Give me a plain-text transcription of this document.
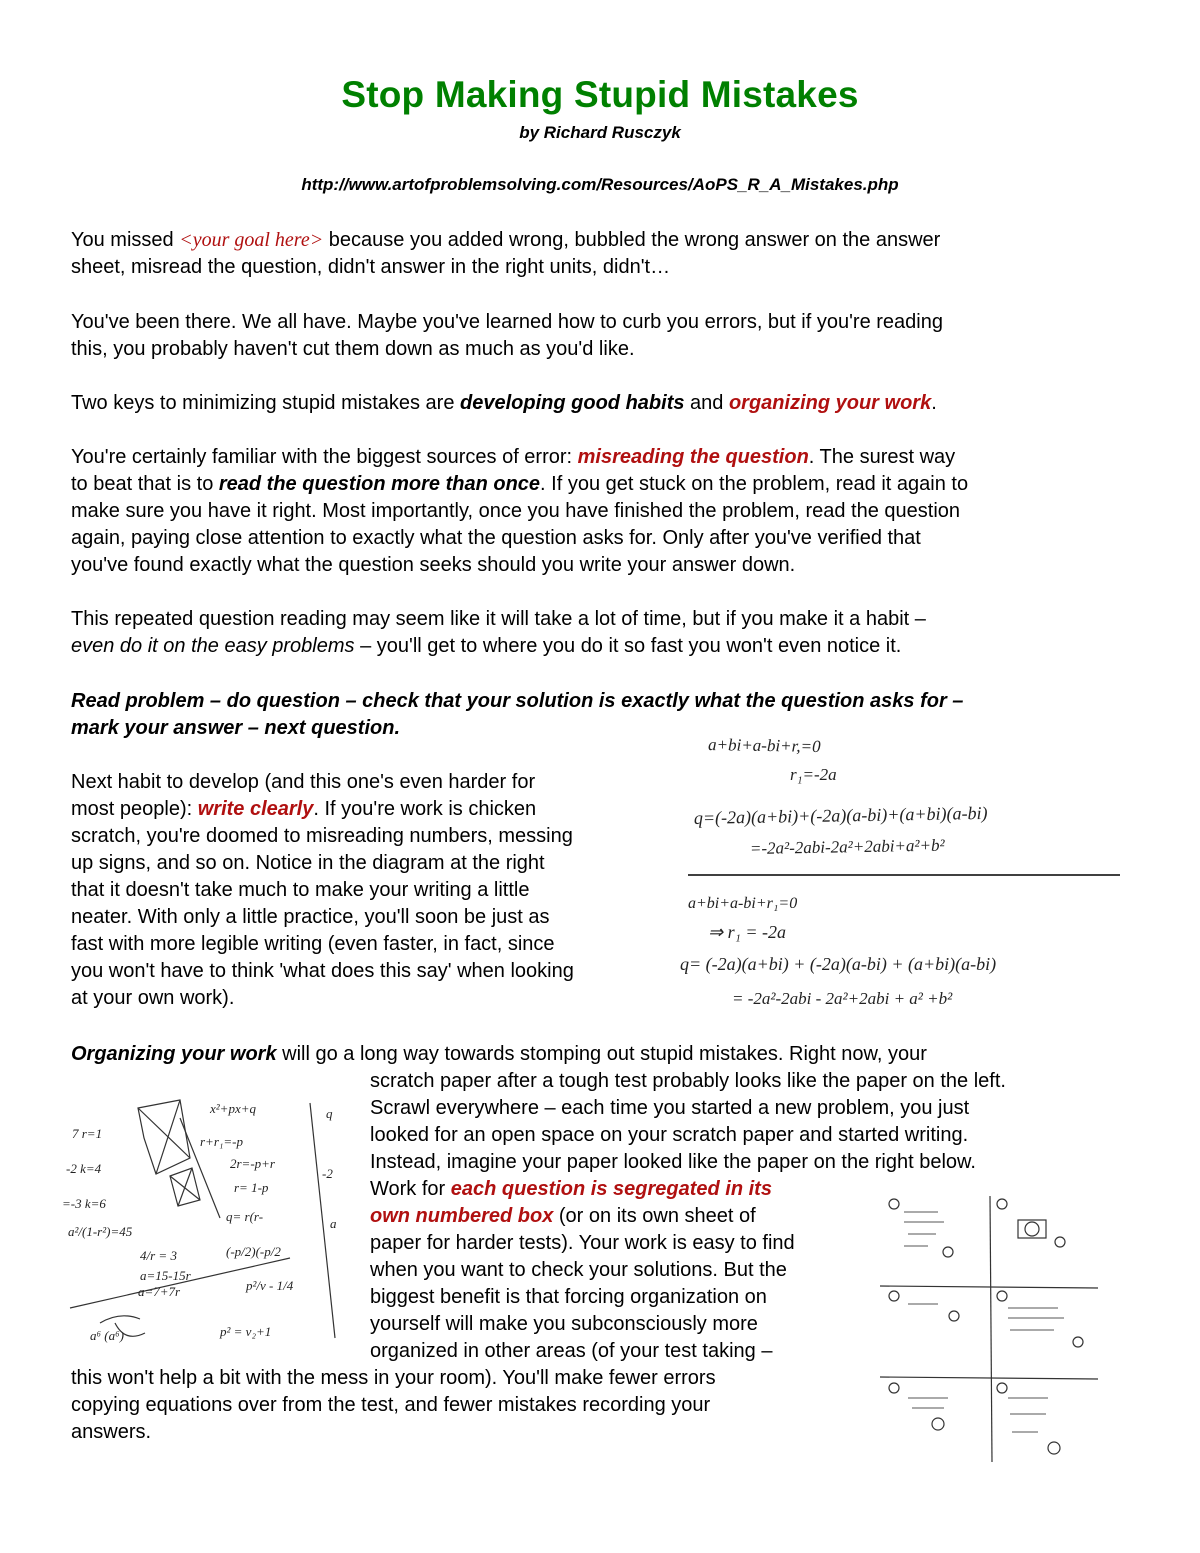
Stop Making Stupid Mistakes
by Richard Rusczyk
http://www.artofproblemsolving.com/Resources/AoPS_R_A_Mistakes.php
You missed <your goal here> because you added wrong, bubbled the wrong answer on the answer
sheet, misread the question, didn't answer in the right units, didn't…
You've been there. We all have. Maybe you've learned how to curb you errors, but if you're reading
this, you probably haven't cut them down as much as you'd like.
Two keys to minimizing stupid mistakes are developing good habits and organizing your work.
You're certainly familiar with the biggest sources of error: misreading the question. The surest way
to beat that is to read the question more than once. If you get stuck on the problem, read it again to
make sure you have it right. Most importantly, once you have finished the problem, read the question
again, paying close attention to exactly what the question asks for. Only after you've verified that
you've found exactly what the question seeks should you write your answer down.
This repeated question reading may seem like it will take a lot of time, but if you make it a habit –
even do it on the easy problems – you'll get to where you do it so fast you won't even notice it.
Read problem – do question – check that your solution is exactly what the question asks for –
mark your answer – next question.
Next habit to develop (and this one's even harder for
most people): write clearly. If you're work is chicken
scratch, you're doomed to misreading numbers, messing
up signs, and so on. Notice in the diagram at the right
that it doesn't take much to make your writing a little
neater. With only a little practice, you'll soon be just as
fast with more legible writing (even faster, in fact, since
you won't have to think 'what does this say' when looking
at your own work).
a+bi+a-bi+r,=0
r₁=-2a
q=(-2a)(a+bi)+(-2a)(a-bi)+(a+bi)(a-bi)
=-2a²-2abi-2a²+2abi+a²+b²
a+bi+a-bi+r₁=0
⇒ r₁ = -2a
q= (-2a)(a+bi) + (-2a)(a-bi) + (a+bi)(a-bi)
= -2a²-2abi - 2a²+2abi + a² +b²
Organizing your work will go a long way towards stomping out stupid mistakes. Right now, your
scratch paper after a tough test probably looks like the paper on the left.
Scrawl everywhere – each time you started a new problem, you just
looked for an open space on your scratch paper and started writing.
Instead, imagine your paper looked like the paper on the right below.
Work for each question is segregated in its
own numbered box (or on its own sheet of
paper for harder tests). Your work is easy to find
when you want to check your solutions. But the
biggest benefit is that forcing organization on
yourself will make you subconsciously more
organized in other areas (of your test taking –
this won't help a bit with the mess in your room). You'll make fewer errors
copying equations over from the test, and fewer mistakes recording your
answers.
x²+px+q
7 r=1
r+r₁=-p
-2 k=4	2r=-p+r
=-3 k=6
r= 1-p
a²/(1-r²)=45
q= r(r-
4/r = 3	(-p/2)(-p/2
a=15-15r
a=7+7r	p²/v - 1/4
a⁶ (a⁶)	p² = v₂+1
q
-2
a
